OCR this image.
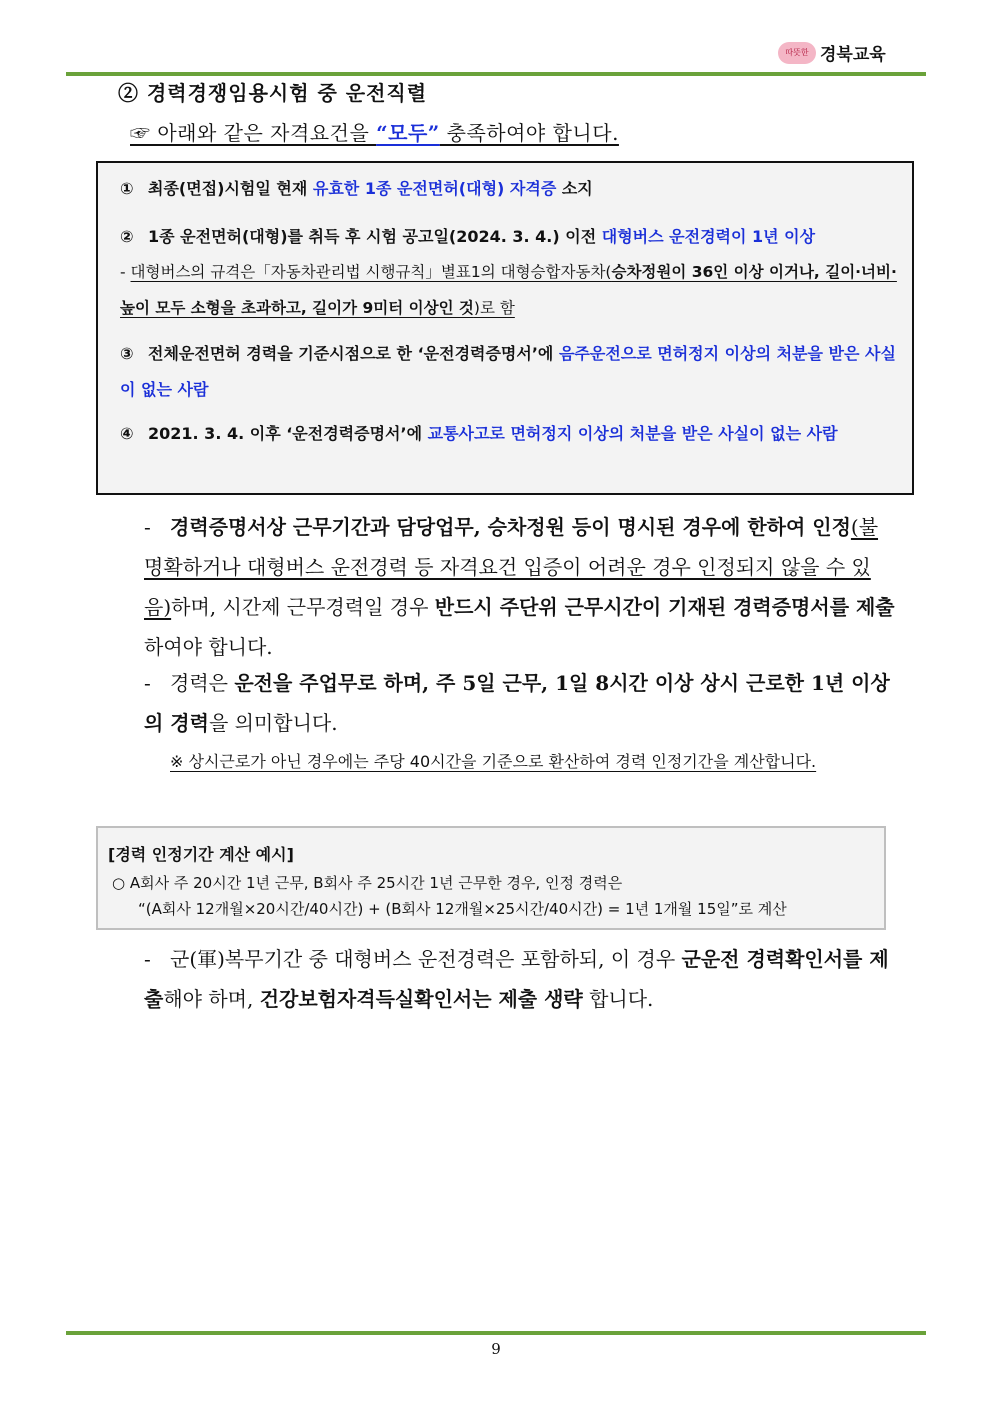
따뜻한 경북교육
② 경력경쟁임용시험 중 운전직렬
☞ 아래와 같은 자격요건을 “모두” 충족하여야 합니다.
① 최종(면접)시험일 현재 유효한 1종 운전면허(대형) 자격증 소지
② 1종 운전면허(대형)를 취득 후 시험 공고일(2024. 3. 4.) 이전 대형버스 운전경력이 1년 이상
- 대형버스의 규격은「자동차관리법 시행규칙」별표1의 대형승합자동차(승차정원이 36인 이상 이거나, 길이·너비·높이 모두 소형을 초과하고, 길이가 9미터 이상인 것)로 함
③ 전체운전면허 경력을 기준시점으로 한 ‘운전경력증명서’에 음주운전으로 면허정지 이상의 처분을 받은 사실이 없는 사람
④ 2021. 3. 4. 이후 ‘운전경력증명서’에 교통사고로 면허정지 이상의 처분을 받은 사실이 없는 사람
- 경력증명서상 근무기간과 담당업무, 승차정원 등이 명시된 경우에 한하여 인정(불명확하거나 대형버스 운전경력 등 자격요건 입증이 어려운 경우 인정되지 않을 수 있음)하며, 시간제 근무경력일 경우 반드시 주단위 근무시간이 기재된 경력증명서를 제출하여야 합니다.
- 경력은 운전을 주업무로 하며, 주 5일 근무, 1일 8시간 이상 상시 근로한 1년 이상의 경력을 의미합니다.
※ 상시근로가 아닌 경우에는 주당 40시간을 기준으로 환산하여 경력 인정기간을 계산합니다.
[경력 인정기간 계산 예시]
○ A회사 주 20시간 1년 근무, B회사 주 25시간 1년 근무한 경우, 인정 경력은
“(A회사 12개월×20시간/40시간) + (B회사 12개월×25시간/40시간) = 1년 1개월 15일”로 계산
- 군(軍)복무기간 중 대형버스 운전경력은 포함하되, 이 경우 군운전 경력확인서를 제출해야 하며, 건강보험자격득실확인서는 제출 생략 합니다.
9
